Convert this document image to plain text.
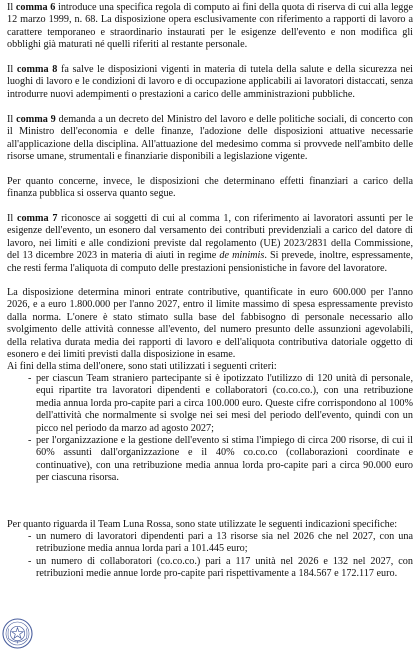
Il comma 6 introduce una specifica regola di computo ai fini della quota di riserva di cui alla legge 12 marzo 1999, n. 68. La disposizione opera esclusivamente con riferimento a rapporti di lavoro a carattere temporaneo e straordinario instaurati per le esigenze dell'evento e non modifica gli obblighi già maturati né quelli riferiti al restante personale.

Il comma 8 fa salve le disposizioni vigenti in materia di tutela della salute e della sicurezza nei luoghi di lavoro e le condizioni di lavoro e di occupazione applicabili ai lavoratori distaccati, senza introdurre nuovi adempimenti o prestazioni a carico delle amministrazioni pubbliche.

Il comma 9 demanda a un decreto del Ministro del lavoro e delle politiche sociali, di concerto con il Ministro dell'economia e delle finanze, l'adozione delle disposizioni attuative necessarie all'applicazione della disciplina. All'attuazione del medesimo comma si provvede nell'ambito delle risorse umane, strumentali e finanziarie disponibili a legislazione vigente.

Per quanto concerne, invece, le disposizioni che determinano effetti finanziari a carico della finanza pubblica si osserva quanto segue.

Il comma 7 riconosce ai soggetti di cui al comma 1, con riferimento ai lavoratori assunti per le esigenze dell'evento, un esonero dal versamento dei contributi previdenziali a carico del datore di lavoro, nei limiti e alle condizioni previste dal regolamento (UE) 2023/2831 della Commissione, del 13 dicembre 2023 in materia di aiuti in regime de minimis. Si prevede, inoltre, espressamente, che resti ferma l'aliquota di computo delle prestazioni pensionistiche in favore del lavoratore.

La disposizione determina minori entrate contributive, quantificate in euro 600.000 per l'anno 2026, e a euro 1.800.000 per l'anno 2027, entro il limite massimo di spesa espressamente previsto dalla norma. L'onere è stato stimato sulla base del fabbisogno di personale necessario allo svolgimento delle attività connesse all'evento, del numero presunto delle assunzioni agevolabili, della relativa durata media dei rapporti di lavoro e dell'aliquota contributiva datoriale oggetto di esonero e dei limiti previsti dalla disposizione in esame.

Ai fini della stima dell'onere, sono stati utilizzati i seguenti criteri:

- per ciascun Team straniero partecipante si è ipotizzato l'utilizzo di 120 unità di personale, equi ripartite tra lavoratori dipendenti e collaboratori (co.co.co.), con una retribuzione media annua lorda pro-capite pari a circa 100.000 euro. Queste cifre corrispondono al 100% dell'attività che normalmente si svolge nei sei mesi del periodo dell'evento, quindi con un picco nel periodo da marzo ad agosto 2027;
- per l'organizzazione e la gestione dell'evento si stima l'impiego di circa 200 risorse, di cui il 60% assunti dall'organizzazione e il 40% co.co.co (collaborazioni coordinate e continuative), con una retribuzione media annua lorda pro-capite pari a circa 90.000 euro per ciascuna risorsa.

Per quanto riguarda il Team Luna Rossa, sono state utilizzate le seguenti indicazioni specifiche:

- un numero di lavoratori dipendenti pari a 13 risorse sia nel 2026 che nel 2027, con una retribuzione media annua lorda pari a 101.445 euro;
- un numero di collaboratori (co.co.co.) pari a 117 unità nel 2026 e 132 nel 2027, con retribuzioni medie annue lorde pro-capite pari rispettivamente a 184.567 e 172.117 euro.
